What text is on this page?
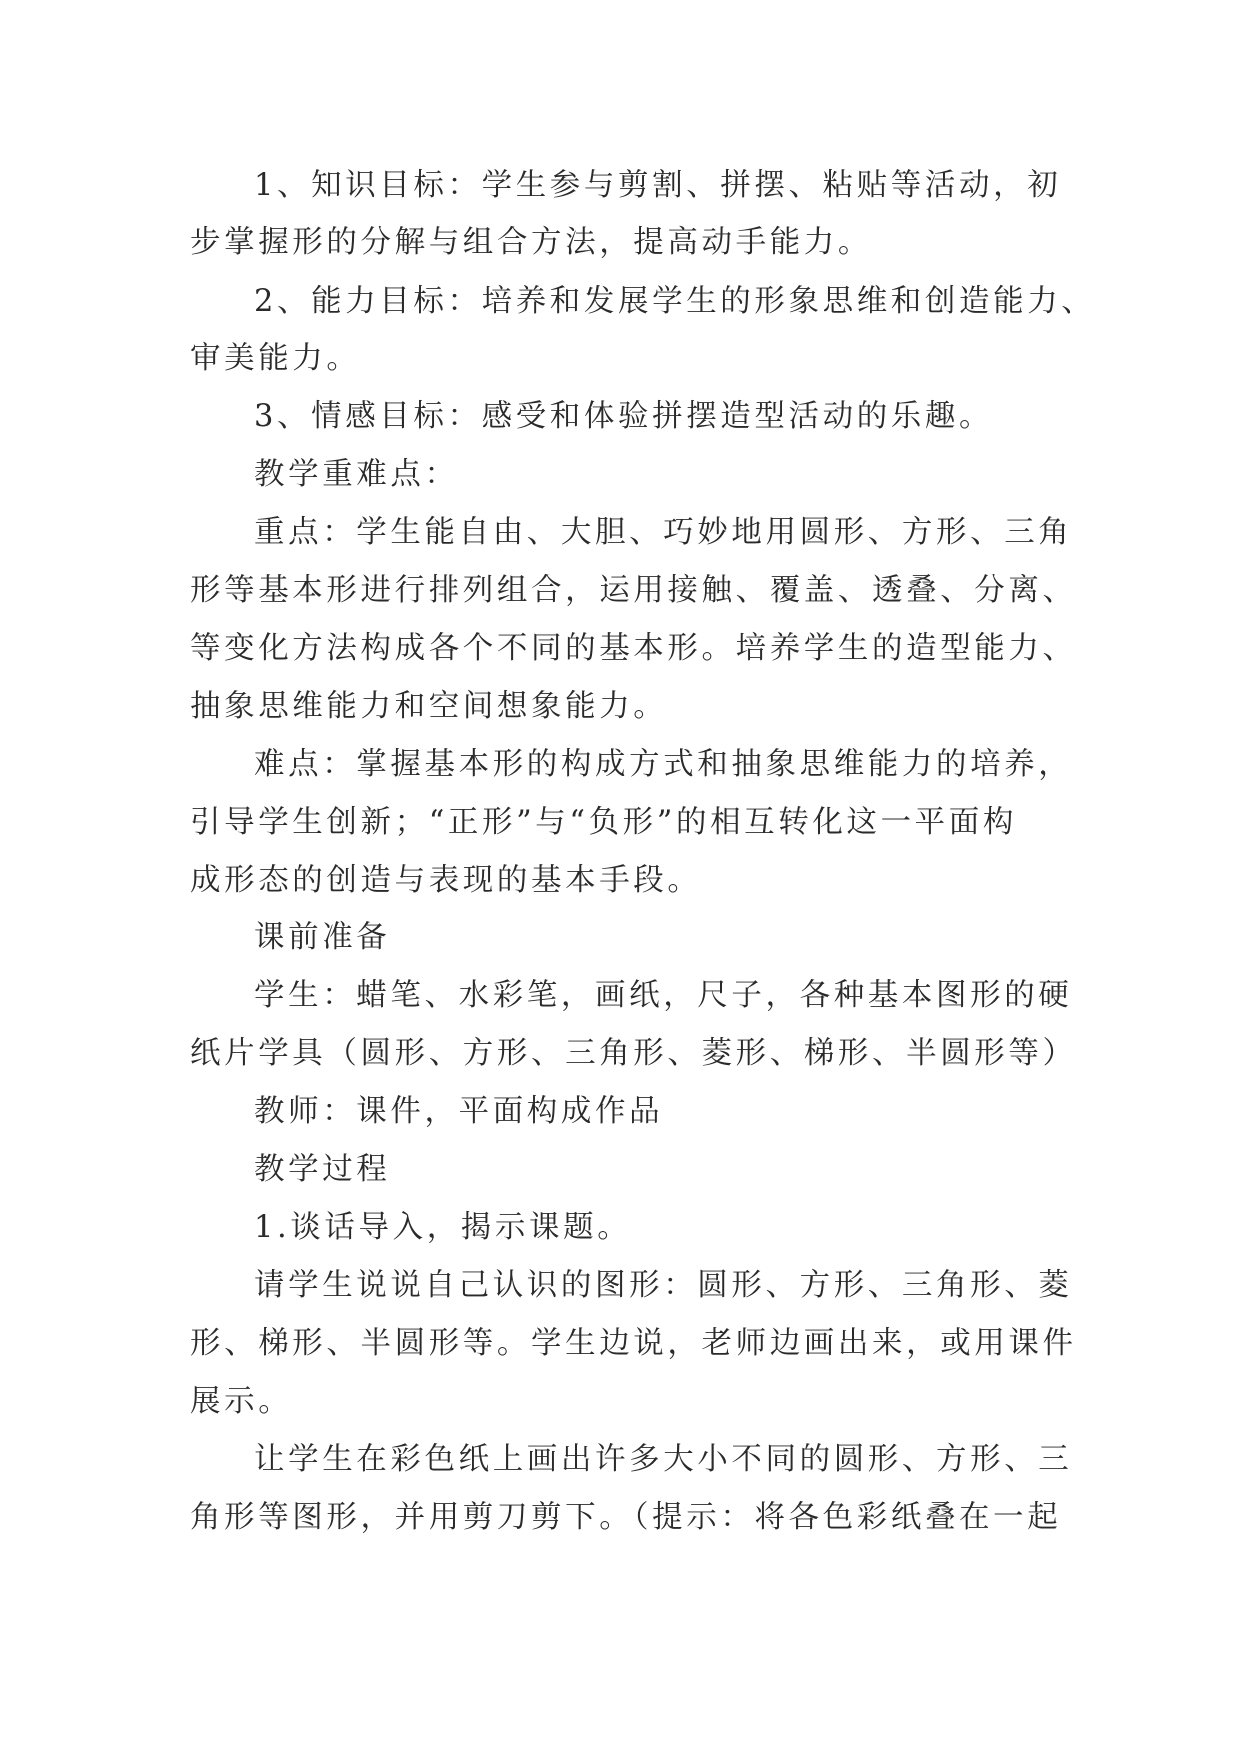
1、知识目标：学生参与剪割、拼摆、粘贴等活动，初
步掌握形的分解与组合方法，提高动手能力。
2、能力目标：培养和发展学生的形象思维和创造能力、
审美能力。
3、情感目标：感受和体验拼摆造型活动的乐趣。
教学重难点：
重点：学生能自由、大胆、巧妙地用圆形、方形、三角
形等基本形进行排列组合，运用接触、覆盖、透叠、分离、
等变化方法构成各个不同的基本形。培养学生的造型能力、
抽象思维能力和空间想象能力。
难点：掌握基本形的构成方式和抽象思维能力的培养，
引导学生创新；“正形”与“负形”的相互转化这一平面构
成形态的创造与表现的基本手段。
课前准备
学生：蜡笔、水彩笔，画纸，尺子，各种基本图形的硬
纸片学具（圆形、方形、三角形、菱形、梯形、半圆形等）
教师：课件，平面构成作品
教学过程
1.谈话导入，揭示课题。
请学生说说自己认识的图形：圆形、方形、三角形、菱
形、梯形、半圆形等。学生边说，老师边画出来，或用课件
展示。
让学生在彩色纸上画出许多大小不同的圆形、方形、三
角形等图形，并用剪刀剪下。（提示：将各色彩纸叠在一起
